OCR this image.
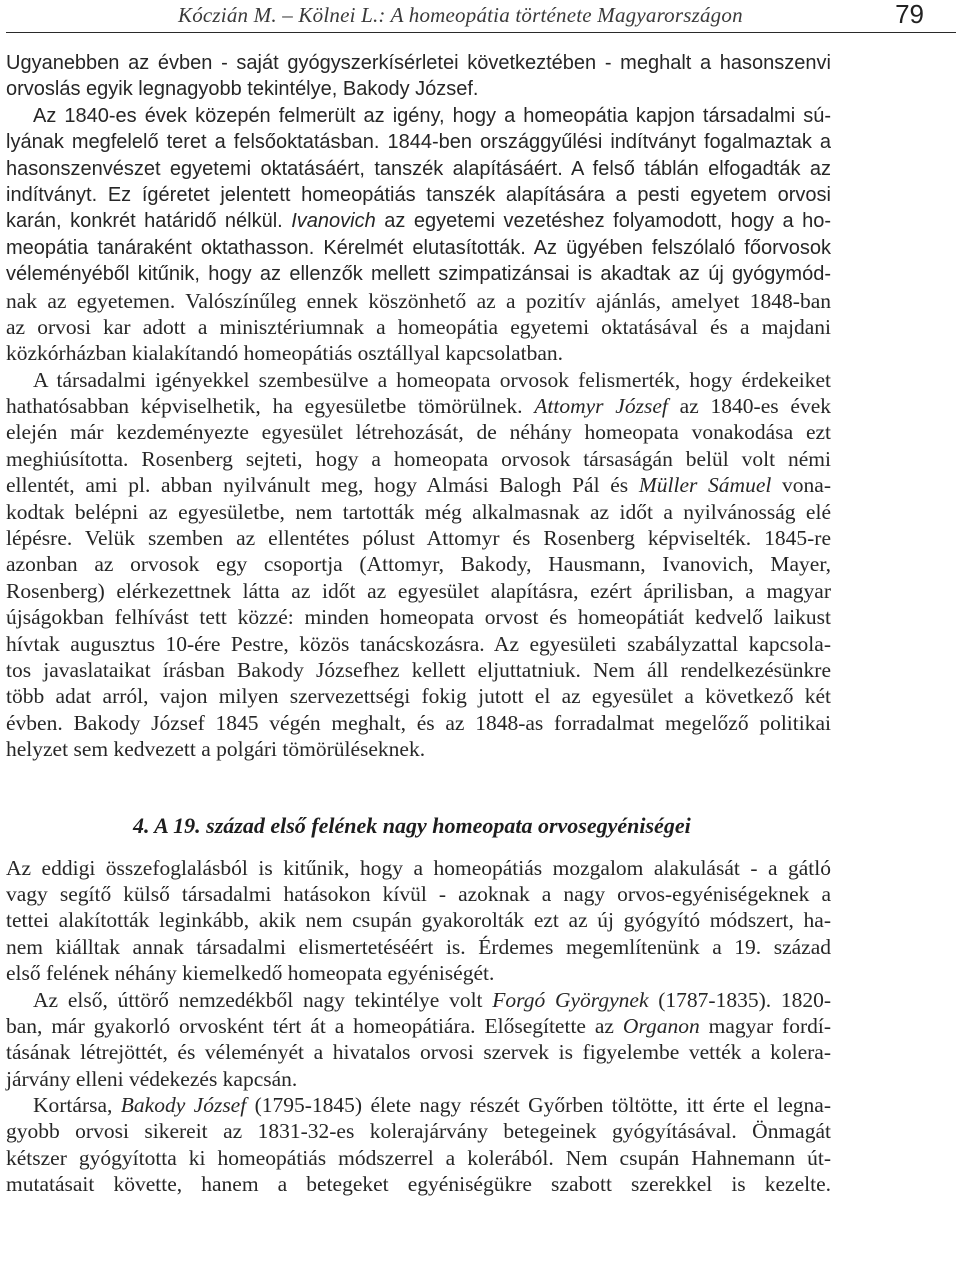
Kóczián M. – Kölnei L.: A homeopátia története Magyarországon	79
Ugyanebben az évben - saját gyógyszerkísérletei következtében - meghalt a hasonszenvi
orvoslás egyik legnagyobb tekintélye, Bakody József.
Az 1840-es évek közepén felmerült az igény, hogy a homeopátia kapjon társadalmi sú-
lyának megfelelő teret a felsőoktatásban. 1844-ben országgyűlési indítványt fogalmaztak a
hasonszenvészet egyetemi oktatásáért, tanszék alapításáért. A felső táblán elfogadták az
indítványt. Ez ígéretet jelentett homeopátiás tanszék alapítására a pesti egyetem orvosi
karán, konkrét határidő nélkül. Ivanovich az egyetemi vezetéshez folyamodott, hogy a ho-
meopátia tanáraként oktathasson. Kérelmét elutasították. Az ügyében felszólaló főorvosok
véleményéből kitűnik, hogy az ellenzők mellett szimpatizánsai is akadtak az új gyógymód-
nak az egyetemen. Valószínűleg ennek köszönhető az a pozitív ajánlás, amelyet 1848-ban
az orvosi kar adott a minisztériumnak a homeopátia egyetemi oktatásával és a majdani
közkórházban kialakítandó homeopátiás osztállyal kapcsolatban.
A társadalmi igényekkel szembesülve a homeopata orvosok felismerték, hogy érdekeiket
hathatósabban képviselhetik, ha egyesületbe tömörülnek. Attomyr József az 1840-es évek
elején már kezdeményezte egyesület létrehozását, de néhány homeopata vonakodása ezt
meghiúsította. Rosenberg sejteti, hogy a homeopata orvosok társaságán belül volt némi
ellentét, ami pl. abban nyilvánult meg, hogy Almási Balogh Pál és Müller Sámuel vona-
kodtak belépni az egyesületbe, nem tartották még alkalmasnak az időt a nyilvánosság elé
lépésre. Velük szemben az ellentétes pólust Attomyr és Rosenberg képviselték. 1845-re
azonban az orvosok egy csoportja (Attomyr, Bakody, Hausmann, Ivanovich, Mayer,
Rosenberg) elérkezettnek látta az időt az egyesület alapításra, ezért áprilisban, a magyar
újságokban felhívást tett közzé: minden homeopata orvost és homeopátiát kedvelő laikust
hívtak augusztus 10-ére Pestre, közös tanácskozásra. Az egyesületi szabályzattal kapcsola-
tos javaslataikat írásban Bakody Józsefhez kellett eljuttatniuk. Nem áll rendelkezésünkre
több adat arról, vajon milyen szervezettségi fokig jutott el az egyesület a következő két
évben. Bakody József 1845 végén meghalt, és az 1848-as forradalmat megelőző politikai
helyzet sem kedvezett a polgári tömörüléseknek.
4. A 19. század első felének nagy homeopata orvosegyéniségei
Az eddigi összefoglalásból is kitűnik, hogy a homeopátiás mozgalom alakulását - a gátló
vagy segítő külső társadalmi hatásokon kívül - azoknak a nagy orvos-egyéniségeknek a
tettei alakították leginkább, akik nem csupán gyakorolták ezt az új gyógyító módszert, ha-
nem kiálltak annak társadalmi elismertetéséért is. Érdemes megemlítenünk a 19. század
első felének néhány kiemelkedő homeopata egyéniségét.
Az első, úttörő nemzedékből nagy tekintélye volt Forgó Györgynek (1787-1835). 1820-
ban, már gyakorló orvosként tért át a homeopátiára. Elősegítette az Organon magyar fordí-
tásának létrejöttét, és véleményét a hivatalos orvosi szervek is figyelembe vették a kolera-
járvány elleni védekezés kapcsán.
Kortársa, Bakody József (1795-1845) élete nagy részét Győrben töltötte, itt érte el legna-
gyobb orvosi sikereit az 1831-32-es kolerajárvány betegeinek gyógyításával. Önmagát
kétszer gyógyította ki homeopátiás módszerrel a kolerából. Nem csupán Hahnemann út-
mutatásait követte, hanem a betegeket egyéniségükre szabott szerekkel is kezelte.
